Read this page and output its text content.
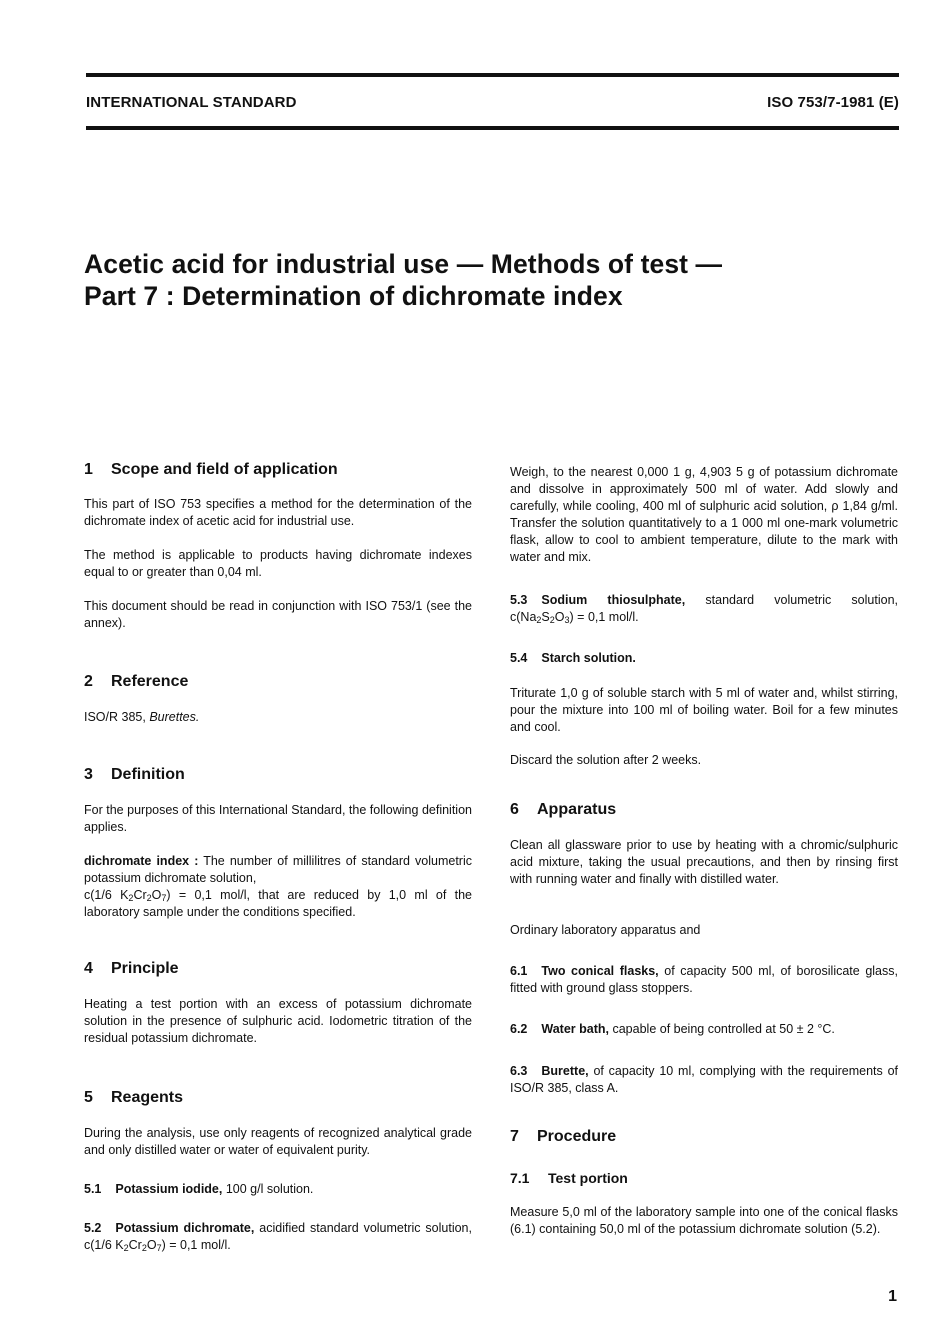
INTERNATIONAL STANDARD	ISO 753/7-1981 (E)
Acetic acid for industrial use — Methods of test —
Part 7 : Determination of dichromate index
1 Scope and field of application

This part of ISO 753 specifies a method for the determination of the dichromate index of acetic acid for industrial use.

The method is applicable to products having dichromate indexes equal to or greater than 0,04 ml.

This document should be read in conjunction with ISO 753/1 (see the annex).

2 Reference

ISO/R 385, Burettes.

3 Definition

For the purposes of this International Standard, the following definition applies.

dichromate index : The number of millilitres of standard volumetric potassium dichromate solution,
c(1/6 $K_2Cr_2O_7) = 0,1$ mol/l, that are reduced by 1,0 ml of the laboratory sample under the conditions specified.

4 Principle

Heating a test portion with an excess of potassium dichromate solution in the presence of sulphuric acid. Iodometric titration of the residual potassium dichromate.

5 Reagents

During the analysis, use only reagents of recognized analytical grade and only distilled water or water of equivalent purity.

5.1 Potassium iodide, 100 g/l solution.

5.2 Potassium dichromate, acidified standard volumetric solution, c(1/6 $K_2Cr_2O_7) = 0,1$ mol/l.

Weigh, to the nearest 0,000 1 g, 4,903 5 g of potassium dichromate and dissolve in approximately 500 ml of water. Add slowly and carefully, while cooling, 400 ml of sulphuric acid solution, ρ 1,84 g/ml. Transfer the solution quantitatively to a 1 000 ml one-mark volumetric flask, allow to cool to ambient temperature, dilute to the mark with water and mix.

5.3 Sodium thiosulphate, standard volumetric solution, $c(Na_2S_2O_3) = 0,1$ mol/l.

5.4 Starch solution.

Triturate 1,0 g of soluble starch with 5 ml of water and, whilst stirring, pour the mixture into 100 ml of boiling water. Boil for a few minutes and cool.

Discard the solution after 2 weeks.

6 Apparatus

Clean all glassware prior to use by heating with a chromic/sulphuric acid mixture, taking the usual precautions, and then by rinsing first with running water and finally with distilled water.

Ordinary laboratory apparatus and

6.1 Two conical flasks, of capacity 500 ml, of borosilicate glass, fitted with ground glass stoppers.

6.2 Water bath, capable of being controlled at 50 ± 2 °C.

6.3 Burette, of capacity 10 ml, complying with the requirements of ISO/R 385, class A.

7 Procedure
7.1 Test portion

Measure 5,0 ml of the laboratory sample into one of the conical flasks (6.1) containing 50,0 ml of the potassium dichromate solution (5.2).

1
